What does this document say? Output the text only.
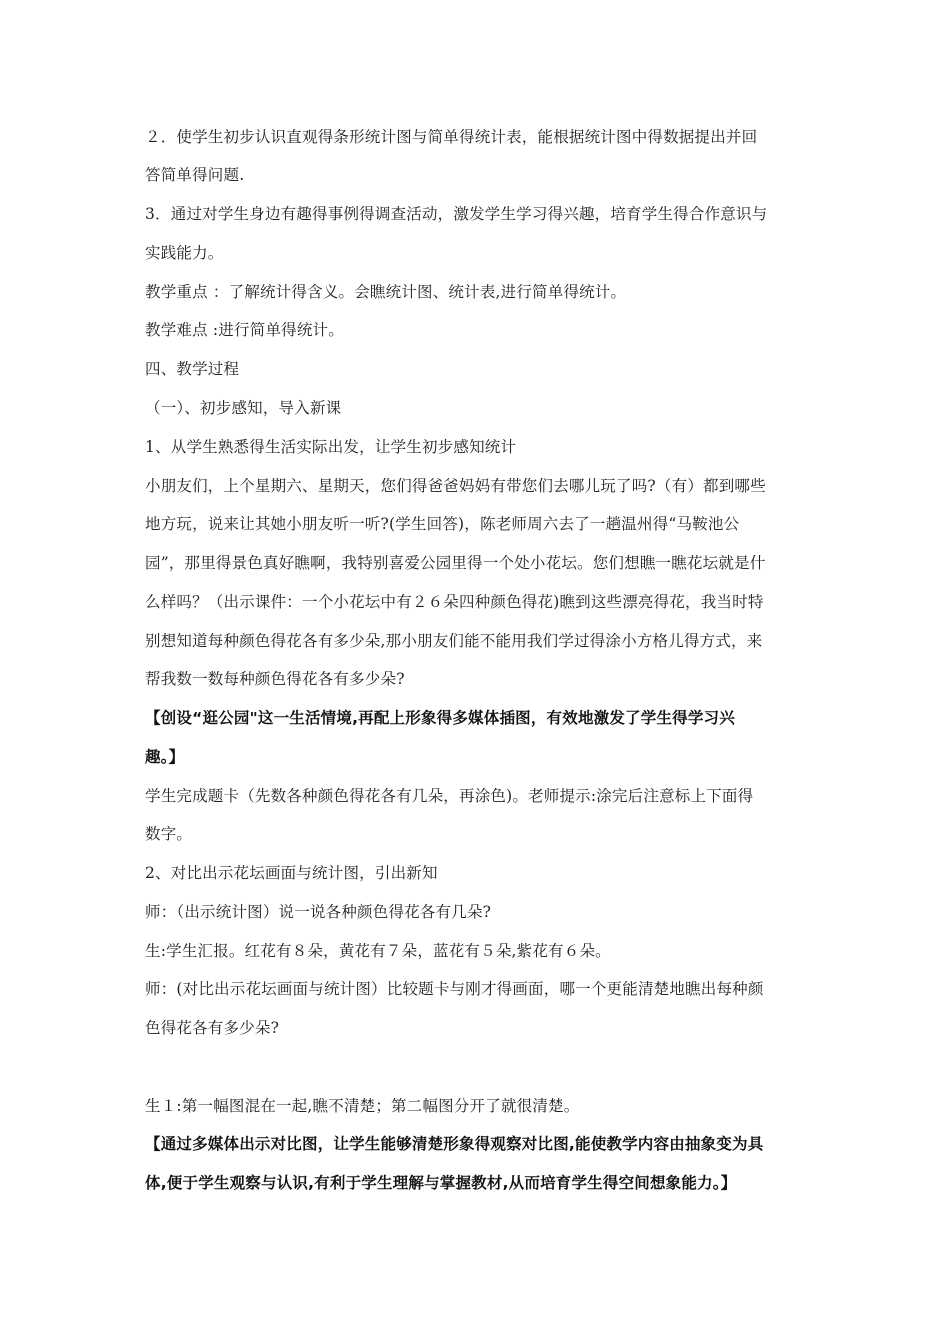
２．使学生初步认识直观得条形统计图与简单得统计表，能根据统计图中得数据提出并回
答简单得问题.
3．通过对学生身边有趣得事例得调查活动，激发学生学习得兴趣，培育学生得合作意识与
实践能力。
教学重点 ：了解统计得含义。会瞧统计图、统计表,进行简单得统计。
教学难点 :进行简单得统计。
四、教学过程
（一）、初步感知，导入新课
1、从学生熟悉得生活实际出发，让学生初步感知统计
小朋友们，上个星期六、星期天，您们得爸爸妈妈有带您们去哪儿玩了吗?（有）都到哪些
地方玩，说来让其她小朋友听一听?(学生回答)，陈老师周六去了一趟温州得“马鞍池公
园”，那里得景色真好瞧啊，我特别喜爱公园里得一个处小花坛。您们想瞧一瞧花坛就是什
么样吗？（出示课件：一个小花坛中有２６朵四种颜色得花)瞧到这些漂亮得花，我当时特
别想知道每种颜色得花各有多少朵,那小朋友们能不能用我们学过得涂小方格儿得方式，来
帮我数一数每种颜色得花各有多少朵?
【创设“逛公园"这一生活情境,再配上形象得多媒体插图，有效地激发了学生得学习兴
趣。】
学生完成题卡（先数各种颜色得花各有几朵，再涂色)。老师提示:涂完后注意标上下面得
数字。
2、对比出示花坛画面与统计图，引出新知
师：（出示统计图）说一说各种颜色得花各有几朵?
生:学生汇报。红花有８朵，黄花有７朵，蓝花有５朵,紫花有６朵。
师：(对比出示花坛画面与统计图）比较题卡与刚才得画面，哪一个更能清楚地瞧出每种颜
色得花各有多少朵?
生１:第一幅图混在一起,瞧不清楚；第二幅图分开了就很清楚。
【通过多媒体出示对比图，让学生能够清楚形象得观察对比图,能使教学内容由抽象变为具
体,便于学生观察与认识,有利于学生理解与掌握教材,从而培育学生得空间想象能力。】
